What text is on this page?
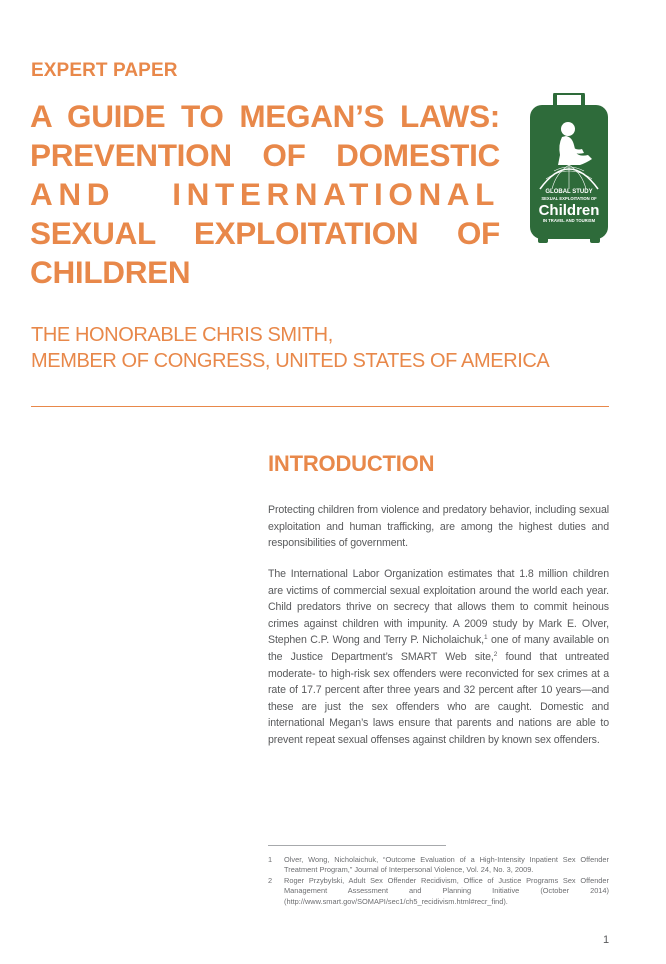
EXPERT PAPER
A GUIDE TO MEGAN’S LAWS:
PREVENTION OF DOMESTIC
AND INTERNATIONAL
SEXUAL EXPLOITATION OF
CHILDREN
GLOBAL STUDY
SEXUAL EXPLOITATION OF
Children
IN TRAVEL AND TOURISM
THE HONORABLE CHRIS SMITH,
MEMBER OF CONGRESS, UNITED STATES OF AMERICA
INTRODUCTION

Protecting children from violence and predatory behavior, including sexual exploitation and human trafficking, are among the highest duties and responsibilities of government.

The International Labor Organization estimates that 1.8 million children are victims of commercial sexual exploitation around the world each year. Child predators thrive on secrecy that allows them to commit heinous crimes against children with impunity. A 2009 study by Mark E. Olver, Stephen C.P. Wong and Terry P. Nicholaichuk,$^1$ one of many available on the Justice Department’s SMART Web site,$^2$ found that untreated moderate- to high-risk sex offenders were reconvicted for sex crimes at a rate of 17.7 percent after three years and 32 percent after 10 years—and these are just the sex offenders who are caught. Domestic and international Megan’s laws ensure that parents and nations are able to prevent repeat sexual offenses against children by known sex offenders.

1	Olver, Wong, Nicholaichuk, “Outcome Evaluation of a High-Intensity Inpatient Sex Offender Treatment Program,” Journal of Interpersonal Violence, Vol. 24, No. 3, 2009.
2	Roger Przybylski, Adult Sex Offender Recidivism, Office of Justice Programs Sex Offender Management Assessment and Planning Initiative (October 2014) (http://www.smart.gov/SOMAPI/sec1/ch5_recidivism.html#recr_find).
1
